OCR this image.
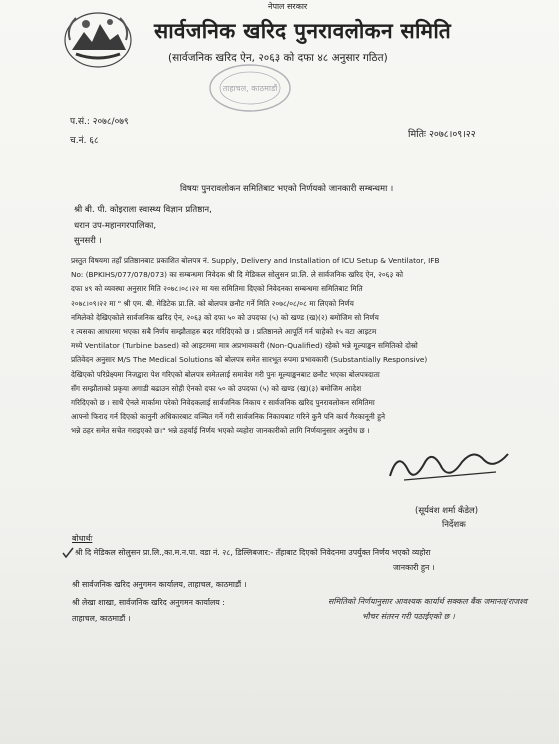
नेपाल सरकार
सार्वजनिक खरिद पुनरावलोकन समिति
(सार्वजनिक खरिद ऐन, २०६३ को दफा ४८ अनुसार गठित)
ताहाचल, काठमाडौं
प.सं.: २०७८/०७९
च.नं. ६८
मितिः २०७८।०९।२२
विषयः पुनरावलोकन समितिबाट भएको निर्णयको जानकारी सम्बन्धमा ।
श्री बी. पी. कोइराला स्वास्थ्य विज्ञान प्रतिष्ठान,
धरान उप-महानगरपालिका,
सुनसरी ।
प्रस्तुत विषयमा तहाँ प्रतिष्ठानबाट प्रकाशित बोलपत्र नं. Supply, Delivery and Installation of ICU Setup & Ventilator, IFB
No: (BPKIHS/077/078/073) का सम्बन्धमा निवेदक श्री दि मेडिकल सोलुसन प्रा.लि. ले सार्वजनिक खरिद ऐन, २०६३ को
दफा ४९ को व्यवस्था अनुसार मिति २०७८।०८।२२ मा यस समितिमा दिएको निवेदनका सम्बन्धमा समितिबाट मिति
२०७८।०९।२२ मा " श्री एम. बी. मेडिटेक प्रा.लि. को बोलपत्र छनौट गर्ने मिति २०७८/०८/०८ मा लिएको निर्णय
नमिलेको देखिएकोले सार्वजनिक खरिद ऐन, २०६३ को दफा ५० को उपदफा (५) को खण्ड (ख)(२) बमोजिम सो निर्णय
र त्यसका आधारमा भएका सबै निर्णय सम्झौताहरु बदर गरिदिएको छ । प्रतिष्ठानले आपूर्ति गर्न चाहेको १५ वटा आइटम
मध्ये Ventilator (Turbine based) को आइटममा मात्र अप्रभावकारी (Non-Qualified) रहेको भन्ने मूल्याङ्कन समितिको दोस्रो
प्रतिवेदन अनुसार M/S The Medical Solutions को बोलपत्र समेत सारभूत रुपमा प्रभावकारी (Substantially Responsive)
देखिएको परिप्रेक्ष्यमा निजद्वारा पेश गरिएको बोलपत्र समेतलाई समावेश गरी पुनः मूल्याङ्कनबाट छनौट भएका बोलपत्रदाता
सँग सम्झौताको प्रकृया अगाडी बढाउन सोही ऐनको दफा ५० को उपदफा (५) को खण्ड (ख)(३) बमोजिम आदेश
गरिदिएको छ । साथै ऐनले मार्कामा परेको निवेदकलाई सार्वजनिक निकाय र सार्वजनिक खरिद पुनरावलोकन समितिमा
आफ्नो फिराद गर्न दिएको कानुनी अधिकारबाट वञ्चित गर्ने गरी सार्वजनिक निकायबाट गरिने कुनै पनि कार्य गैरकानूनी हुने
भन्ने ठहर समेत सचेत गराइएको छ।" भन्ने ठहर्याई निर्णय भएको व्यहोरा जानकारीको लागि निर्णयानुसार अनुरोध छ ।
(सूर्यवंश शर्मा कँडेल)
निर्देशक
बोधार्थः
श्री दि मेडिकल सोलुसन प्रा.लि.,का.म.न.पा. वडा नं. २८, डिल्लिबजार:- तँहाबाट दिएको निवेदनमा उपर्युक्त निर्णय भएको व्यहोरा
जानकारी हुन ।
श्री सार्वजनिक खरिद अनुगमन कार्यालय, ताहाचल, काठमाडौं ।
श्री लेखा शाखा, सार्वजनिक खरिद अनुगमन कार्यालय :
ताहाचल, काठमाडौं ।
समितिको निर्णयानुसार आवश्यक कार्यार्थ सक्कल बैंक जमानत/राजश्व
भौचर संतरन गरी पठाईएको छ ।
